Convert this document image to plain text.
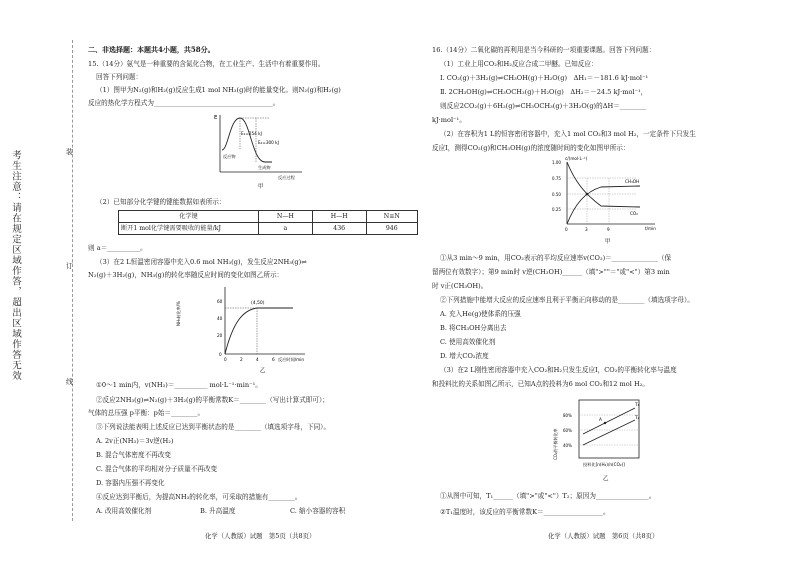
考生注意：请在规定区域作答，超出区域作答无效	装
订
线
二、非选择题：本题共4小题，共58分。
15.（14分）氨气是一种重要的含氮化合物，在工业生产、生活中有着重要作用。
回答下列问题：
（1）图甲为N₂(g)和H₂(g)反应生成1 mol NH₃(g)时的能量变化。则N₂(g)和H₂(g)
反应的热化学方程式为____________________________________。
E
E₁=254 kJ
E₂=300 kJ
反应物
生成物
反应过程
甲
（2）已知部分化学键的键能数据如表所示：
化学键	N—H	H—H	N≡N
断开1 mol化学键需要吸收的能量/kJ	a	436	946
则 a＝__________。
（3）在2 L恒温密闭容器中充入0.6 mol NH₃(g)，发生反应2NH₃(g)⇌
N₂(g)＋3H₂(g)，NH₃(g)的转化率随反应时间的变化如图乙所示：
(4,50)
NH₃转化率/%
0
20
40
60
0	2	4	6 反应时间/min
乙
①0～1 min内，v(NH₃)＝__________ mol·L⁻¹·min⁻¹。
②反应2NH₃(g)⇌N₂(g)＋3H₂(g)的平衡常数K＝________（写出计算式即可）；
气体的总压强 p平衡：p始＝________。
③下列说法能表明上述反应已达到平衡状态的是________（填选项字母，下同）。
A. 2v正(NH₃)＝3v逆(H₂)
B. 混合气体密度不再改变
C. 混合气体的平均相对分子质量不再改变
D. 容器内压强不再变化
④反应达到平衡后，为提高NH₃的转化率，可采取的措施有________。
A. 改用高效催化剂	B. 升高温度	C. 缩小容器的容积
化学（人教版）试题　第5页（共8页）
16.（14分）二氧化碳的再利用是当今科研的一项重要课题。回答下列问题：
（1）工业上用CO₂和H₂反应合成二甲醚。已知反应：
Ⅰ. CO₂(g)＋3H₂(g)⇌CH₃OH(g)＋H₂O(g)　ΔH₁＝－181.6 kJ·mol⁻¹
Ⅱ. 2CH₃OH(g)⇌CH₃OCH₃(g)＋H₂O(g)　ΔH₂＝－24.5 kJ·mol⁻¹，
则反应2CO₂(g)＋6H₂(g)⇌CH₃OCH₃(g)＋3H₂O(g)的ΔH＝________
kJ·mol⁻¹。
（2）在容积为1 L的恒容密闭容器中，充入1 mol CO₂和3 mol H₂，一定条件下只发生
反应Ⅰ，测得CO₂(g)和CH₃OH(g)的浓度随时间的变化如图甲所示：
c/(mol·L⁻¹)
0.25
0.50
0.75
1.00
0	3	9	t/min
CH₃OH
CO₂
甲
①从3 min～9 min，用CO₂表示的平均反应速率v(CO₂)＝______________（保
留两位有效数字）；第9 min时 v逆(CH₃OH)______（填">""＝"或"<"）第3 min
时 v正(CH₃OH)。
②下列措施中能增大反应的反应速率且利于平衡正向移动的是________（填选项字母）。
A. 充入He(g)使体系的压强
B. 将CH₃OH分离出去
C. 使用高效催化剂
D. 增大CO₂浓度
（3）在2 L刚性密闭容器中充入CO₂和H₂只发生反应Ⅰ，CO₂的平衡转化率与温度
和投料比的关系如图乙所示，已知A点的投料为6 mol CO₂和12 mol H₂。
A
T₁
T₂
40%
60%
80%
CO₂的平衡转化率
投料比[n(H₂)/n(CO₂)]
乙
①从图中可知，T₁______（填">"或"<"）T₂；原因为________________。
②T₁温度时，该反应的平衡常数K＝__________________。
化学（人教版）试题　第6页（共8页）
